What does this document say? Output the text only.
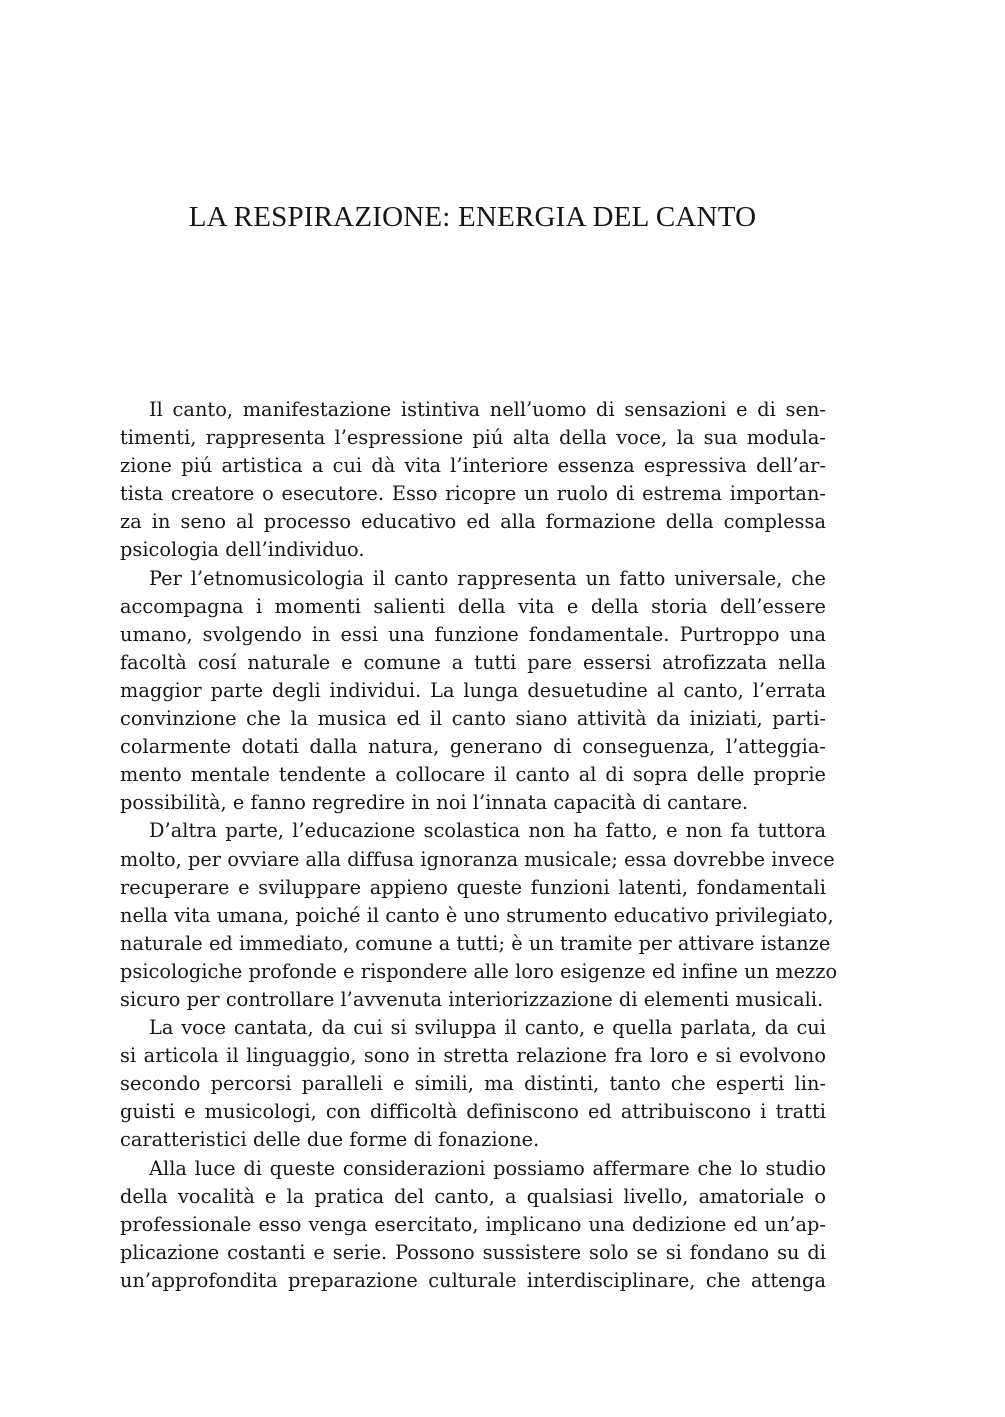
LA RESPIRAZIONE: ENERGIA DEL CANTO

Il canto, manifestazione istintiva nell’uomo di sensazioni e di sen-
timenti, rappresenta l’espressione piú alta della voce, la sua modula-
zione piú artistica a cui dà vita l’interiore essenza espressiva dell’ar-
tista creatore o esecutore. Esso ricopre un ruolo di estrema importan-
za in seno al processo educativo ed alla formazione della complessa
psicologia dell’individuo.

Per l’etnomusicologia il canto rappresenta un fatto universale, che
accompagna i momenti salienti della vita e della storia dell’essere
umano, svolgendo in essi una funzione fondamentale. Purtroppo una
facoltà cosí naturale e comune a tutti pare essersi atrofizzata nella
maggior parte degli individui. La lunga desuetudine al canto, l’errata
convinzione che la musica ed il canto siano attività da iniziati, parti-
colarmente dotati dalla natura, generano di conseguenza, l’atteggia-
mento mentale tendente a collocare il canto al di sopra delle proprie
possibilità, e fanno regredire in noi l’innata capacità di cantare.

D’altra parte, l’educazione scolastica non ha fatto, e non fa tuttora
molto, per ovviare alla diffusa ignoranza musicale; essa dovrebbe invece
recuperare e sviluppare appieno queste funzioni latenti, fondamentali
nella vita umana, poiché il canto è uno strumento educativo privilegiato,
naturale ed immediato, comune a tutti; è un tramite per attivare istanze
psicologiche profonde e rispondere alle loro esigenze ed infine un mezzo
sicuro per controllare l’avvenuta interiorizzazione di elementi musicali.

La voce cantata, da cui si sviluppa il canto, e quella parlata, da cui
si articola il linguaggio, sono in stretta relazione fra loro e si evolvono
secondo percorsi paralleli e simili, ma distinti, tanto che esperti lin-
guisti e musicologi, con difficoltà definiscono ed attribuiscono i tratti
caratteristici delle due forme di fonazione.

Alla luce di queste considerazioni possiamo affermare che lo studio
della vocalità e la pratica del canto, a qualsiasi livello, amatoriale o
professionale esso venga esercitato, implicano una dedizione ed un’ap-
plicazione costanti e serie. Possono sussistere solo se si fondano su di
un’approfondita preparazione culturale interdisciplinare, che attenga
